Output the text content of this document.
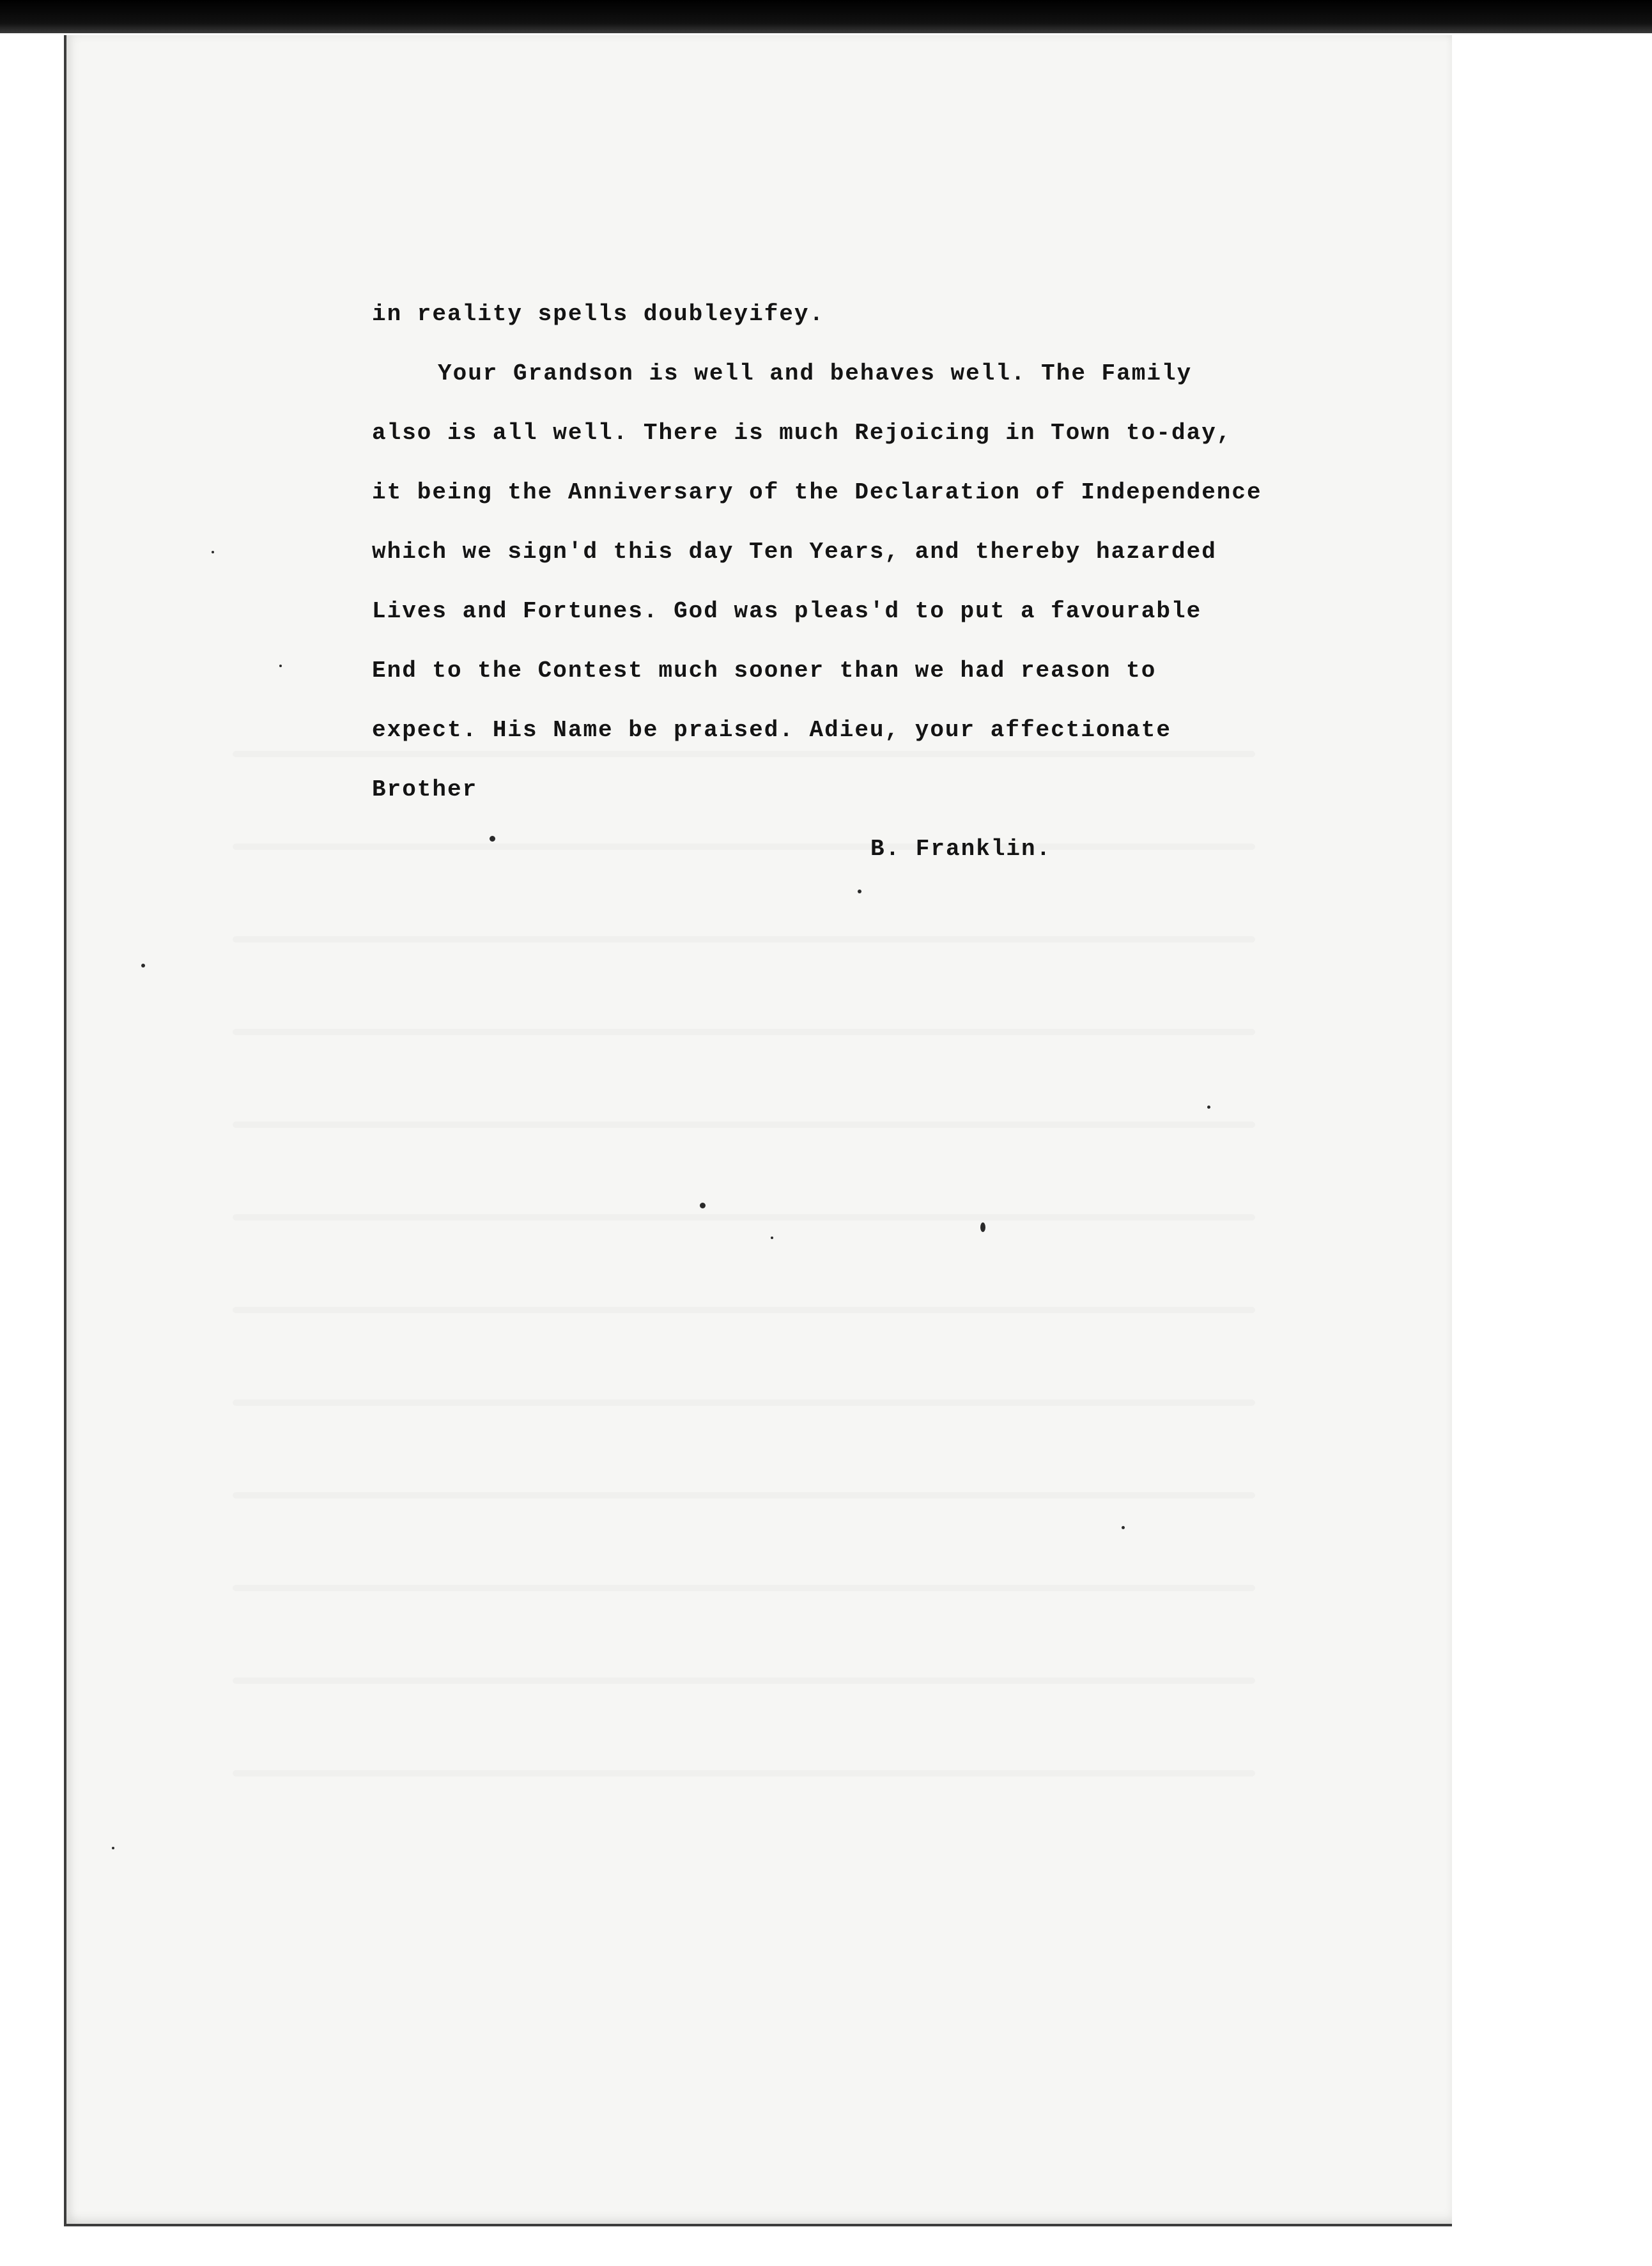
in reality spells doubleyifey.
Your Grandson is well and behaves well. The Family
also is all well. There is much Rejoicing in Town to-day,
it being the Anniversary of the Declaration of Independence
which we sign'd this day Ten Years, and thereby hazarded
Lives and Fortunes. God was pleas'd to put a favourable
End to the Contest much sooner than we had reason to
expect. His Name be praised. Adieu, your affectionate
Brother
B. Franklin.
